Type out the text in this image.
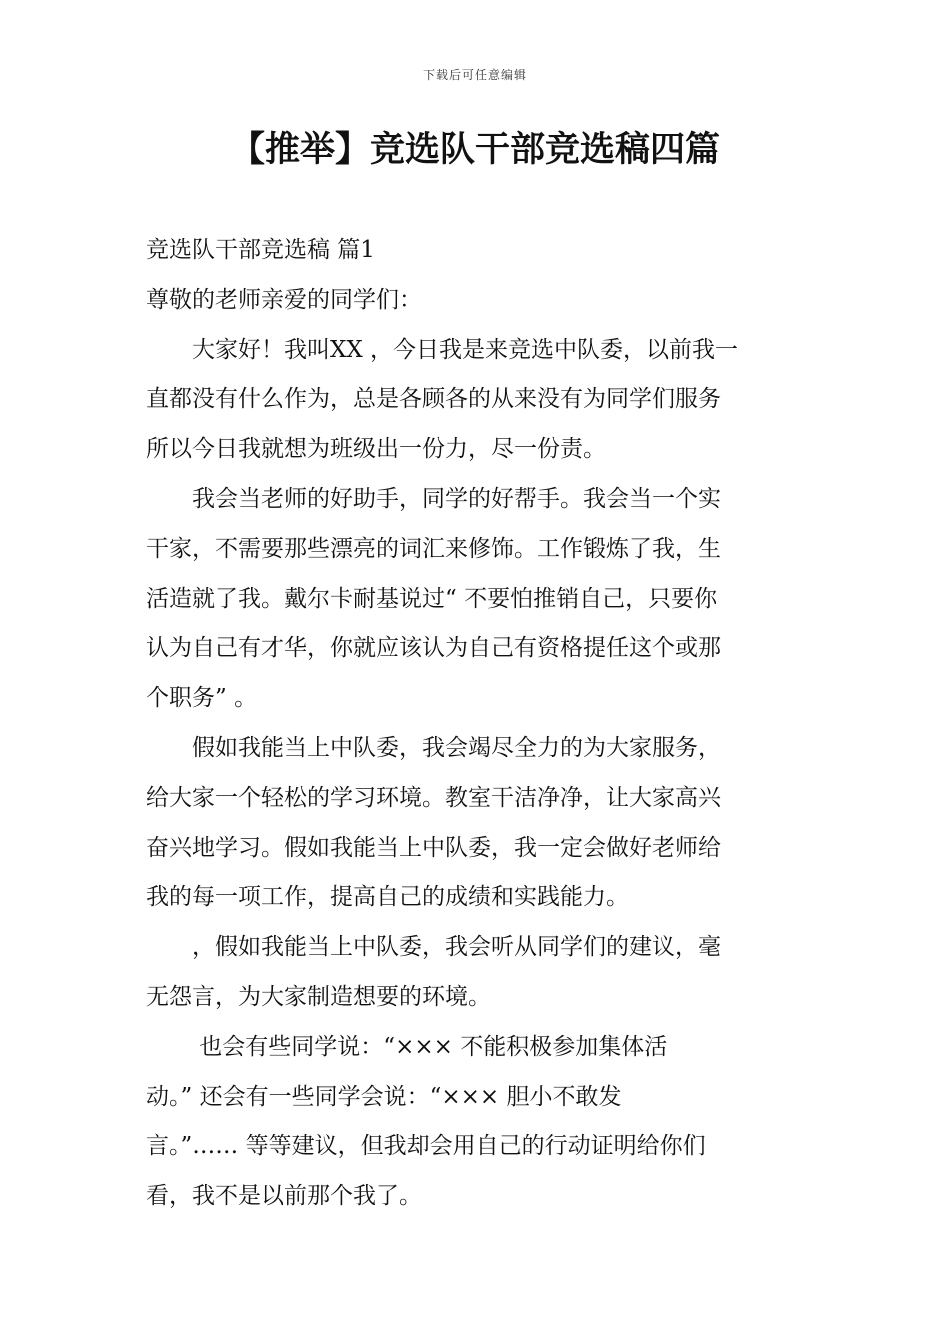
下载后可任意编辑
【推举】竞选队干部竞选稿四篇
竞选队干部竞选稿 篇1
尊敬的老师亲爱的同学们：
　　大家好！我叫XX ，今日我是来竞选中队委，以前我一
直都没有什么作为，总是各顾各的从来没有为同学们服务
所以今日我就想为班级出一份力，尽一份责。
　　我会当老师的好助手，同学的好帮手。我会当一个实
干家，不需要那些漂亮的词汇来修饰。工作锻炼了我，生
活造就了我。戴尔卡耐基说过“ 不要怕推销自己，只要你
认为自己有才华，你就应该认为自己有资格提任这个或那
个职务” 。
　　假如我能当上中队委，我会竭尽全力的为大家服务，
给大家一个轻松的学习环境。教室干洁净净，让大家高兴
奋兴地学习。假如我能当上中队委，我一定会做好老师给
我的每一项工作，提高自己的成绩和实践能力。
　　，假如我能当上中队委，我会听从同学们的建议，毫
无怨言，为大家制造想要的环境。
　　 也会有些同学说：“××× 不能积极参加集体活
动。” 还会有一些同学会说：“××× 胆小不敢发
言。”…… 等等建议，但我却会用自己的行动证明给你们
看，我不是以前那个我了。
